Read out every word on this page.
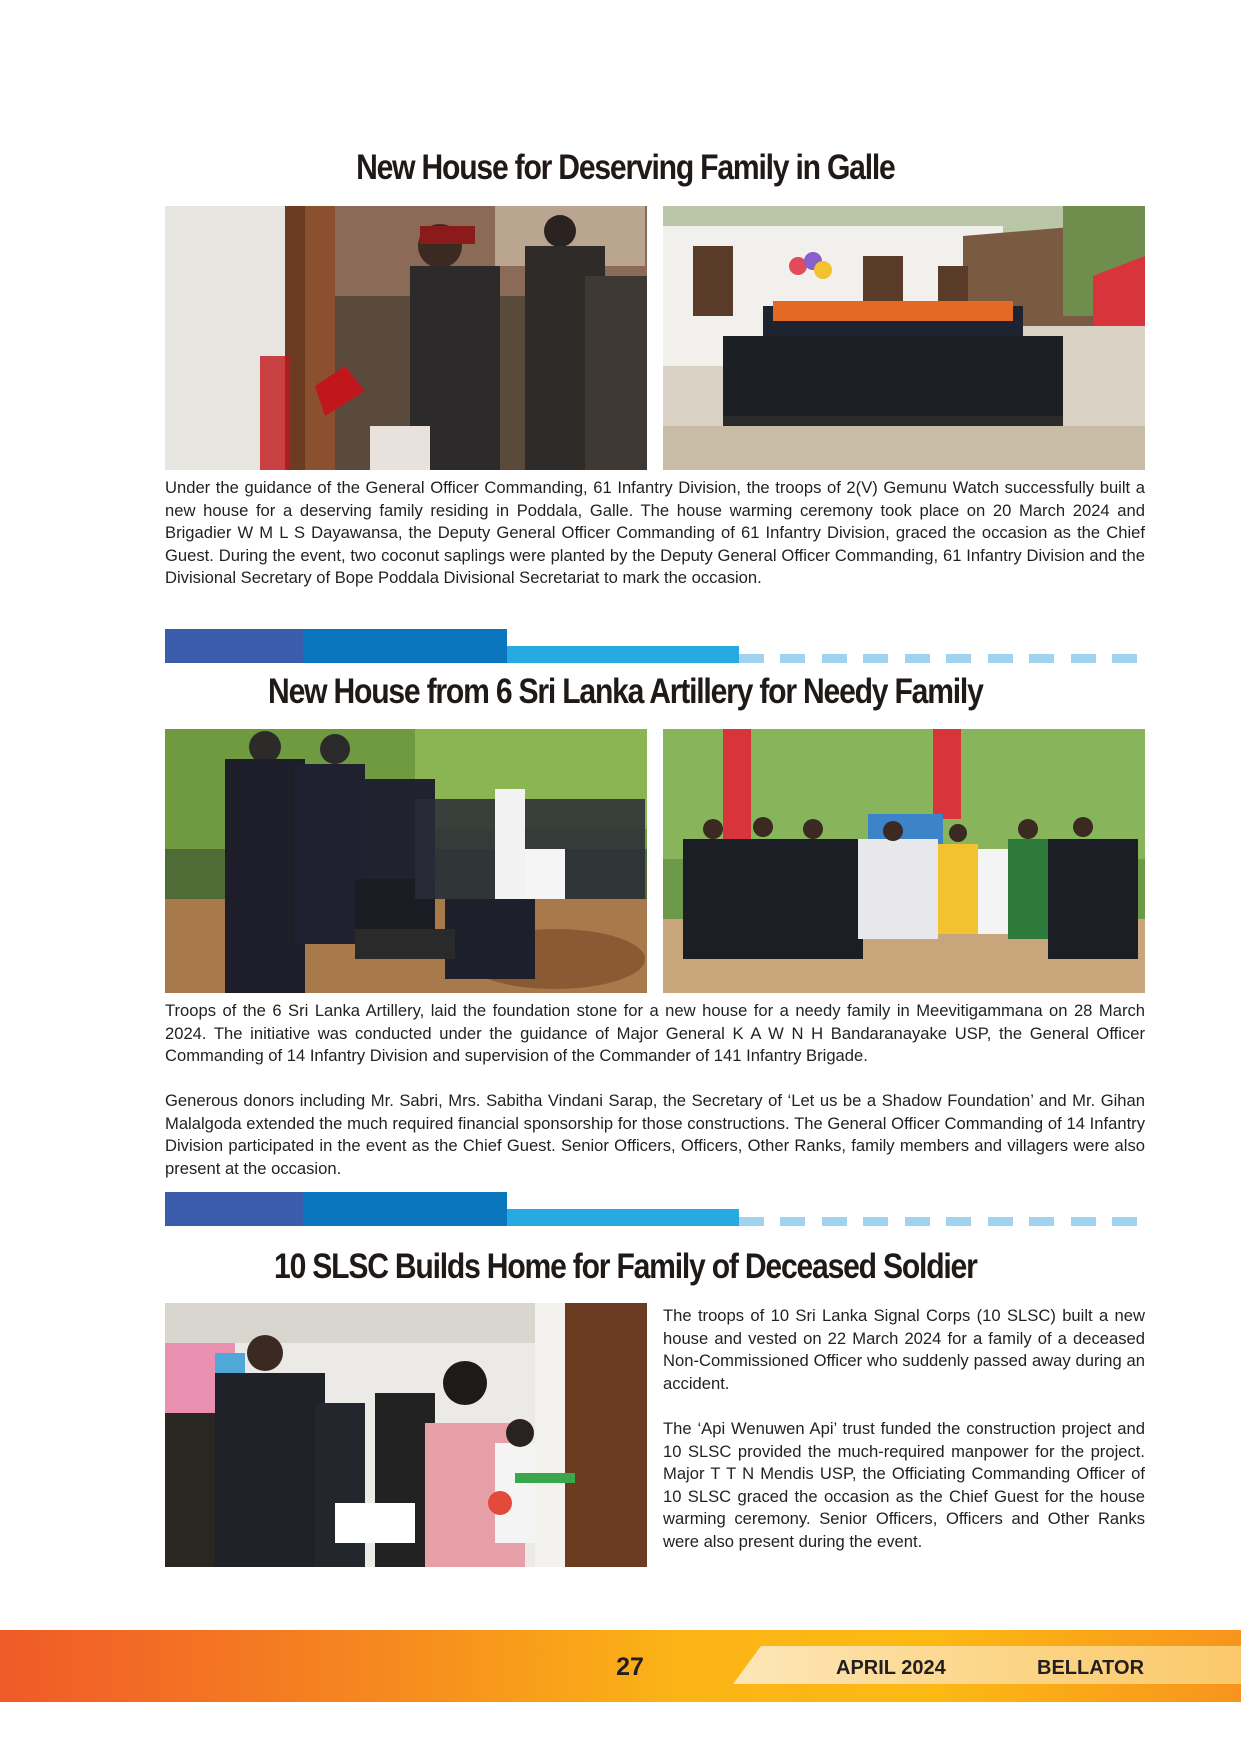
New House for Deserving Family in Galle

Under the guidance of the General Officer Commanding, 61 Infantry Division, the troops of 2(V) Gemunu Watch successfully built a new house for a deserving family residing in Poddala, Galle. The house warming ceremony took place on 20 March 2024 and Brigadier W M L S Dayawansa, the Deputy General Officer Commanding of 61 Infantry Division, graced the occasion as the Chief Guest. During the event, two coconut saplings were planted by the Deputy General Officer Commanding, 61 Infantry Division and the Divisional Secretary of Bope Poddala Divisional Secretariat to mark the occasion.

New House from 6 Sri Lanka Artillery for Needy Family

Troops of the 6 Sri Lanka Artillery, laid the foundation stone for a new house for a needy family in Meevitigammana on 28 March 2024. The initiative was conducted under the guidance of Major General K A W N H Bandaranayake USP, the General Officer Commanding of 14 Infantry Division and supervision of the Commander of 141 Infantry Brigade.

Generous donors including Mr. Sabri, Mrs. Sabitha Vindani Sarap, the Secretary of ‘Let us be a Shadow Foundation’ and Mr. Gihan Malalgoda extended the much required financial sponsorship for those constructions. The General Officer Commanding of 14 Infantry Division participated in the event as the Chief Guest. Senior Officers, Officers, Other Ranks, family members and villagers were also present at the occasion.

10 SLSC Builds Home for Family of Deceased Soldier

The troops of 10 Sri Lanka Signal Corps (10 SLSC) built a new house and vested on 22 March 2024 for a family of a deceased Non-Commissioned Officer who suddenly passed away during an accident.

The ‘Api Wenuwen Api’ trust funded the construction project and 10 SLSC provided the much-required manpower for the project. Major T T N Mendis USP, the Officiating Commanding Officer of 10 SLSC graced the occasion as the Chief Guest for the house warming ceremony. Senior Officers, Officers and Other Ranks were also present during the event.

27	APRIL 2024	BELLATOR
